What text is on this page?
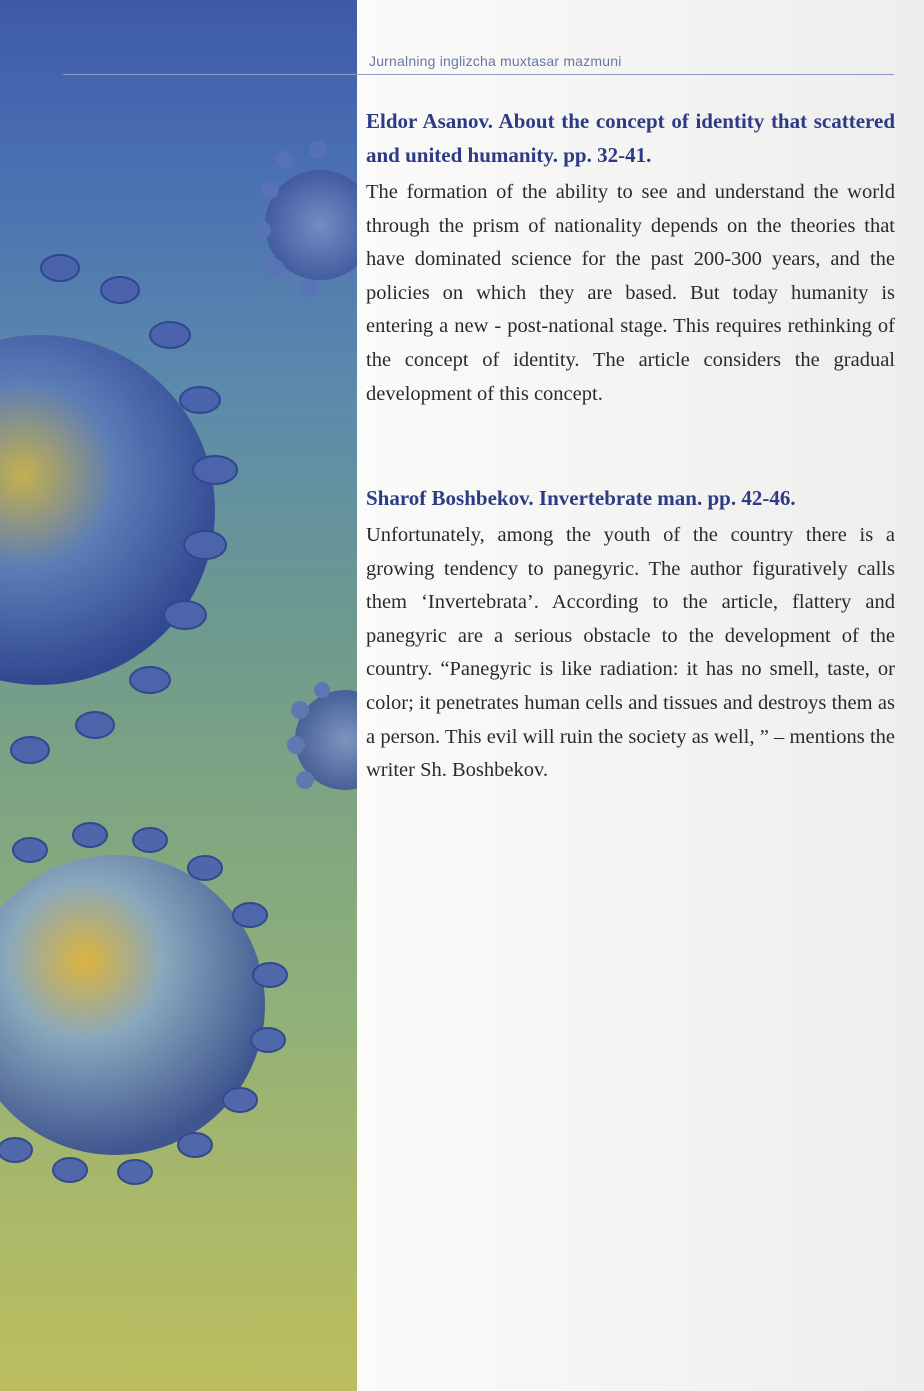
Jurnalning inglizcha muxtasar mazmuni

Eldor Asanov. About the concept of identity that scattered and united humanity. pp. 32-41.

The formation of the ability to see and understand the world through the prism of nationality depends on the theories that have dominated science for the past 200-300 years, and the policies on which they are based. But today humanity is entering a new - post-national stage. This requires rethinking of the concept of identity. The article considers the gradual development of this concept.

Sharof Boshbekov. Invertebrate man. pp. 42-46.

Unfortunately, among the youth of the country there is a growing tendency to panegyric. The author figuratively calls them ‘Invertebrata’. According to the article, flattery and panegyric are a serious obstacle to the development of the country. “Panegyric is like radiation: it has no smell, taste, or color; it penetrates human cells and tissues and destroys them as a person. This evil will ruin the society as well, ” – mentions the writer Sh. Boshbekov.
